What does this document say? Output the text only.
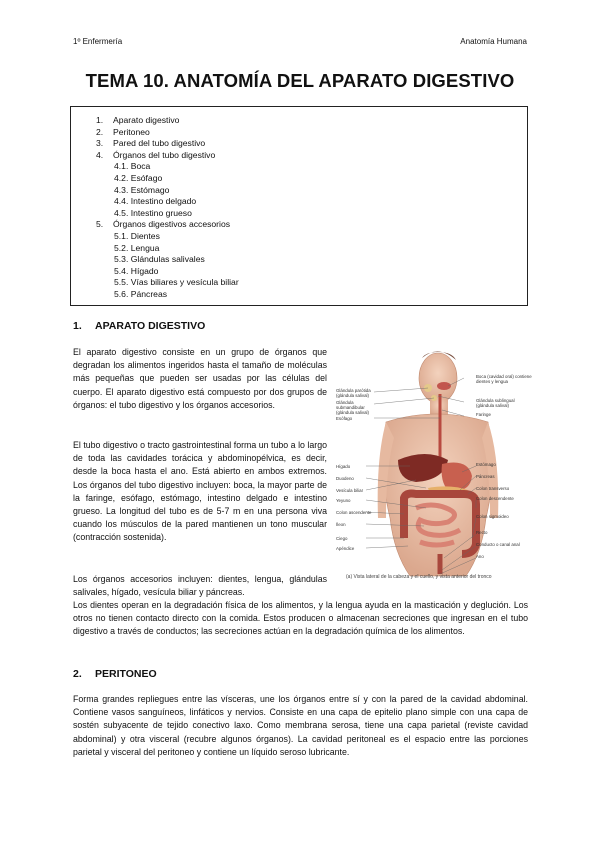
1º Enfermería	Anatomía Humana
TEMA 10. ANATOMÍA DEL APARATO DIGESTIVO
1. Aparato digestivo
2. Peritoneo
3. Pared del tubo digestivo
4. Órganos del tubo digestivo
4.1. Boca
4.2. Esófago
4.3. Estómago
4.4. Intestino delgado
4.5. Intestino grueso
5. Órganos digestivos accesorios
5.1. Dientes
5.2. Lengua
5.3. Glándulas salivales
5.4. Hígado
5.5. Vías biliares y vesícula biliar
5.6. Páncreas
1. APARATO DIGESTIVO

El aparato digestivo consiste en un grupo de órganos que degradan los alimentos ingeridos hasta el tamaño de moléculas más pequeñas que pueden ser usadas por las células del cuerpo. El aparato digestivo está compuesto por dos grupos de órganos: el tubo digestivo y los órganos accesorios.

El tubo digestivo o tracto gastrointestinal forma un tubo a lo largo de toda las cavidades torácica y abdominopélvica, es decir, desde la boca hasta el ano. Está abierto en ambos extremos. Los órganos del tubo digestivo incluyen: boca, la mayor parte de la faringe, esófago, estómago, intestino delgado e intestino grueso. La longitud del tubo es de 5-7 m en una persona viva cuando los músculos de la pared mantienen un tono muscular (contracción sostenida).

Los órganos accesorios incluyen: dientes, lengua, glándulas salivales, hígado, vesícula biliar y páncreas.

Los dientes operan en la degradación física de los alimentos, y la lengua ayuda en la masticación y deglución. Los otros no tienen contacto directo con la comida. Estos producen o almacenan secreciones que ingresan en el tubo digestivo a través de conductos; las secreciones actúan en la degradación química de los alimentos.

2. PERITONEO

Forma grandes repliegues entre las vísceras, une los órganos entre sí y con la pared de la cavidad abdominal. Contiene vasos sanguíneos, linfáticos y nervios. Consiste en una capa de epitelio plano simple con una capa de sostén subyacente de tejido conectivo laxo. Como membrana serosa, tiene una capa parietal (reviste cavidad abdominal) y otra visceral (recubre algunos órganos). La cavidad peritoneal es el espacio entre las porciones parietal y visceral del peritoneo y contiene un líquido seroso lubricante.

Glándula parótida (glándula salival)
Glándula submandibular (glándula salival)
Esófago
Hígado
Duodeno
Vesícula biliar
Yeyuno
Colon ascendente
Íleon
Ciego
Apéndice
Boca (cavidad oral) contiene dientes y lengua
Glándula sublingual (glándula salival)
Faringe
Estómago
Páncreas
Colon transverso
Colon descendente
Colon sigmoideo
Recto
Conducto o canal anal
Ano
(a) Vista lateral de la cabeza y el cuello, y vista anterior del tronco
